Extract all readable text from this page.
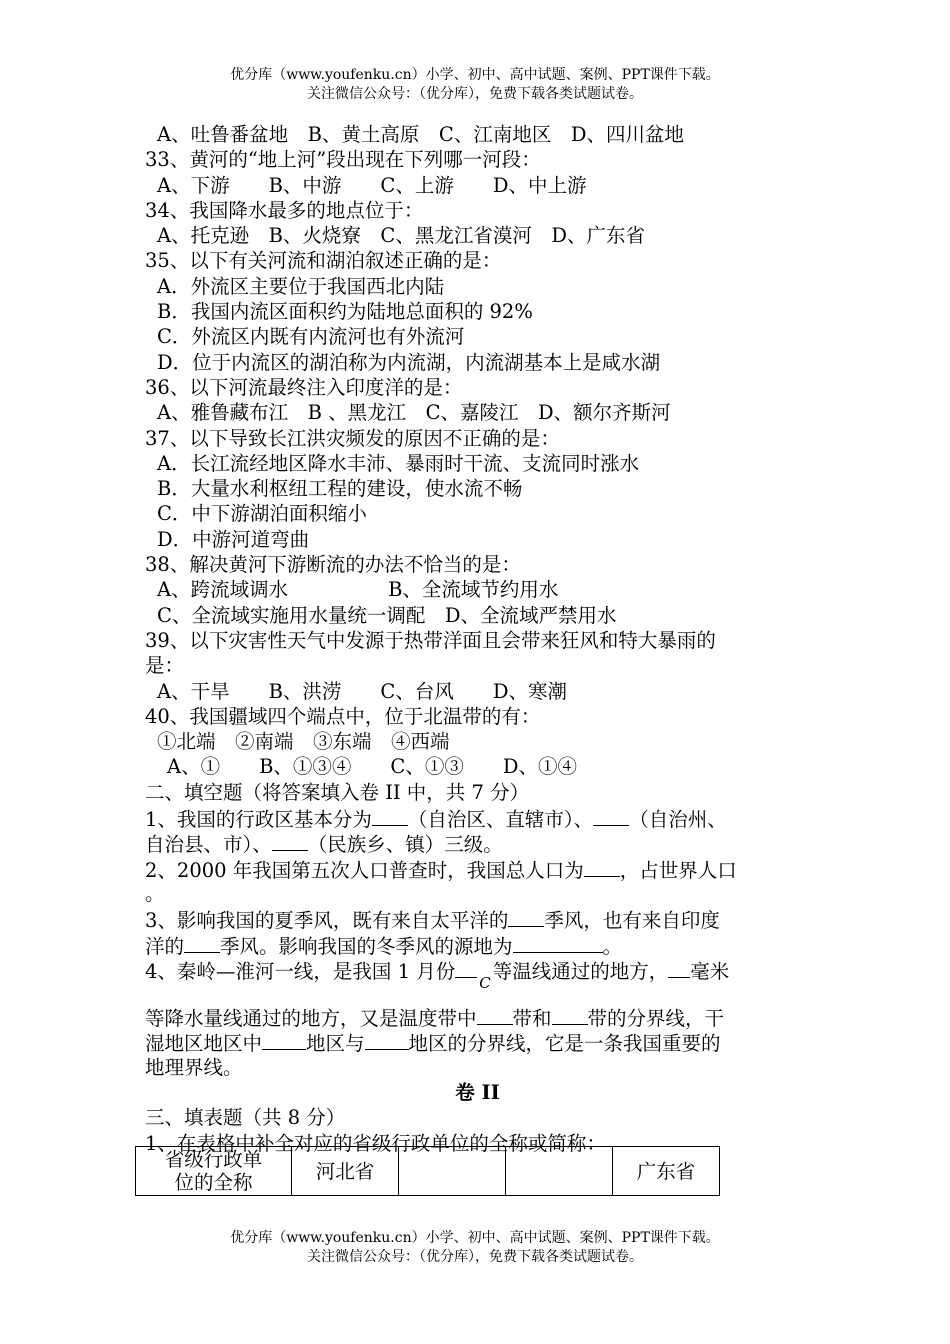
优分库（www.youfenku.cn）小学、初中、高中试题、案例、PPT课件下载。
关注微信公众号：（优分库），免费下载各类试题试卷。
A、吐鲁番盆地　B、黄土高原　C、江南地区　D、四川盆地
33、黄河的“地上河”段出现在下列哪一河段：
A、下游　　B、中游　　C、上游　　D、中上游
34、我国降水最多的地点位于：
A、托克逊　B、火烧寮　C、黑龙江省漠河　D、广东省
35、以下有关河流和湖泊叙述正确的是：
A．外流区主要位于我国西北内陆
B．我国内流区面积约为陆地总面积的 92%
C．外流区内既有内流河也有外流河
D．位于内流区的湖泊称为内流湖，内流湖基本上是咸水湖
36、以下河流最终注入印度洋的是：
A、雅鲁藏布江　B 、黑龙江　C、嘉陵江　D、额尔齐斯河
37、以下导致长江洪灾频发的原因不正确的是：
A．长江流经地区降水丰沛、暴雨时干流、支流同时涨水
B．大量水利枢纽工程的建设，使水流不畅
C．中下游湖泊面积缩小
D．中游河道弯曲
38、解决黄河下游断流的办法不恰当的是：
A、跨流域调水	B、全流域节约用水
C、全流域实施用水量统一调配　D、全流域严禁用水
39、以下灾害性天气中发源于热带洋面且会带来狂风和特大暴雨的
是：
A、干旱　　B、洪涝　　C、台风　　D、寒潮
40、我国疆域四个端点中，位于北温带的有：
①北端　②南端　③东端　④西端
A、①　　B、①③④　　C、①③　　D、①④
二、填空题（将答案填入卷 II 中，共 7 分）
1、我国的行政区基本分为 （自治区、直辖市）、 （自治州、
自治县、市）、 （民族乡、镇）三级。
2、2000 年我国第五次人口普查时，我国总人口为 ，占世界人口
。
3、影响我国的夏季风，既有来自太平洋的 季风，也有来自印度
洋的 季风。影响我国的冬季风的源地为	。
4、秦岭—淮河一线，是我国 1 月份 C 等温线通过的地方， 毫米
等降水量线通过的地方，又是温度带中 带和 带的分界线，干
湿地区地区中 地区与 地区的分界线，它是一条我国重要的
地理界线。
卷 II
三、填表题（共 8 分）
1、在表格中补全对应的省级行政单位的全称或简称：
省级行政单
位的全称	河北省			广东省
优分库（www.youfenku.cn）小学、初中、高中试题、案例、PPT课件下载。
关注微信公众号：（优分库），免费下载各类试题试卷。
